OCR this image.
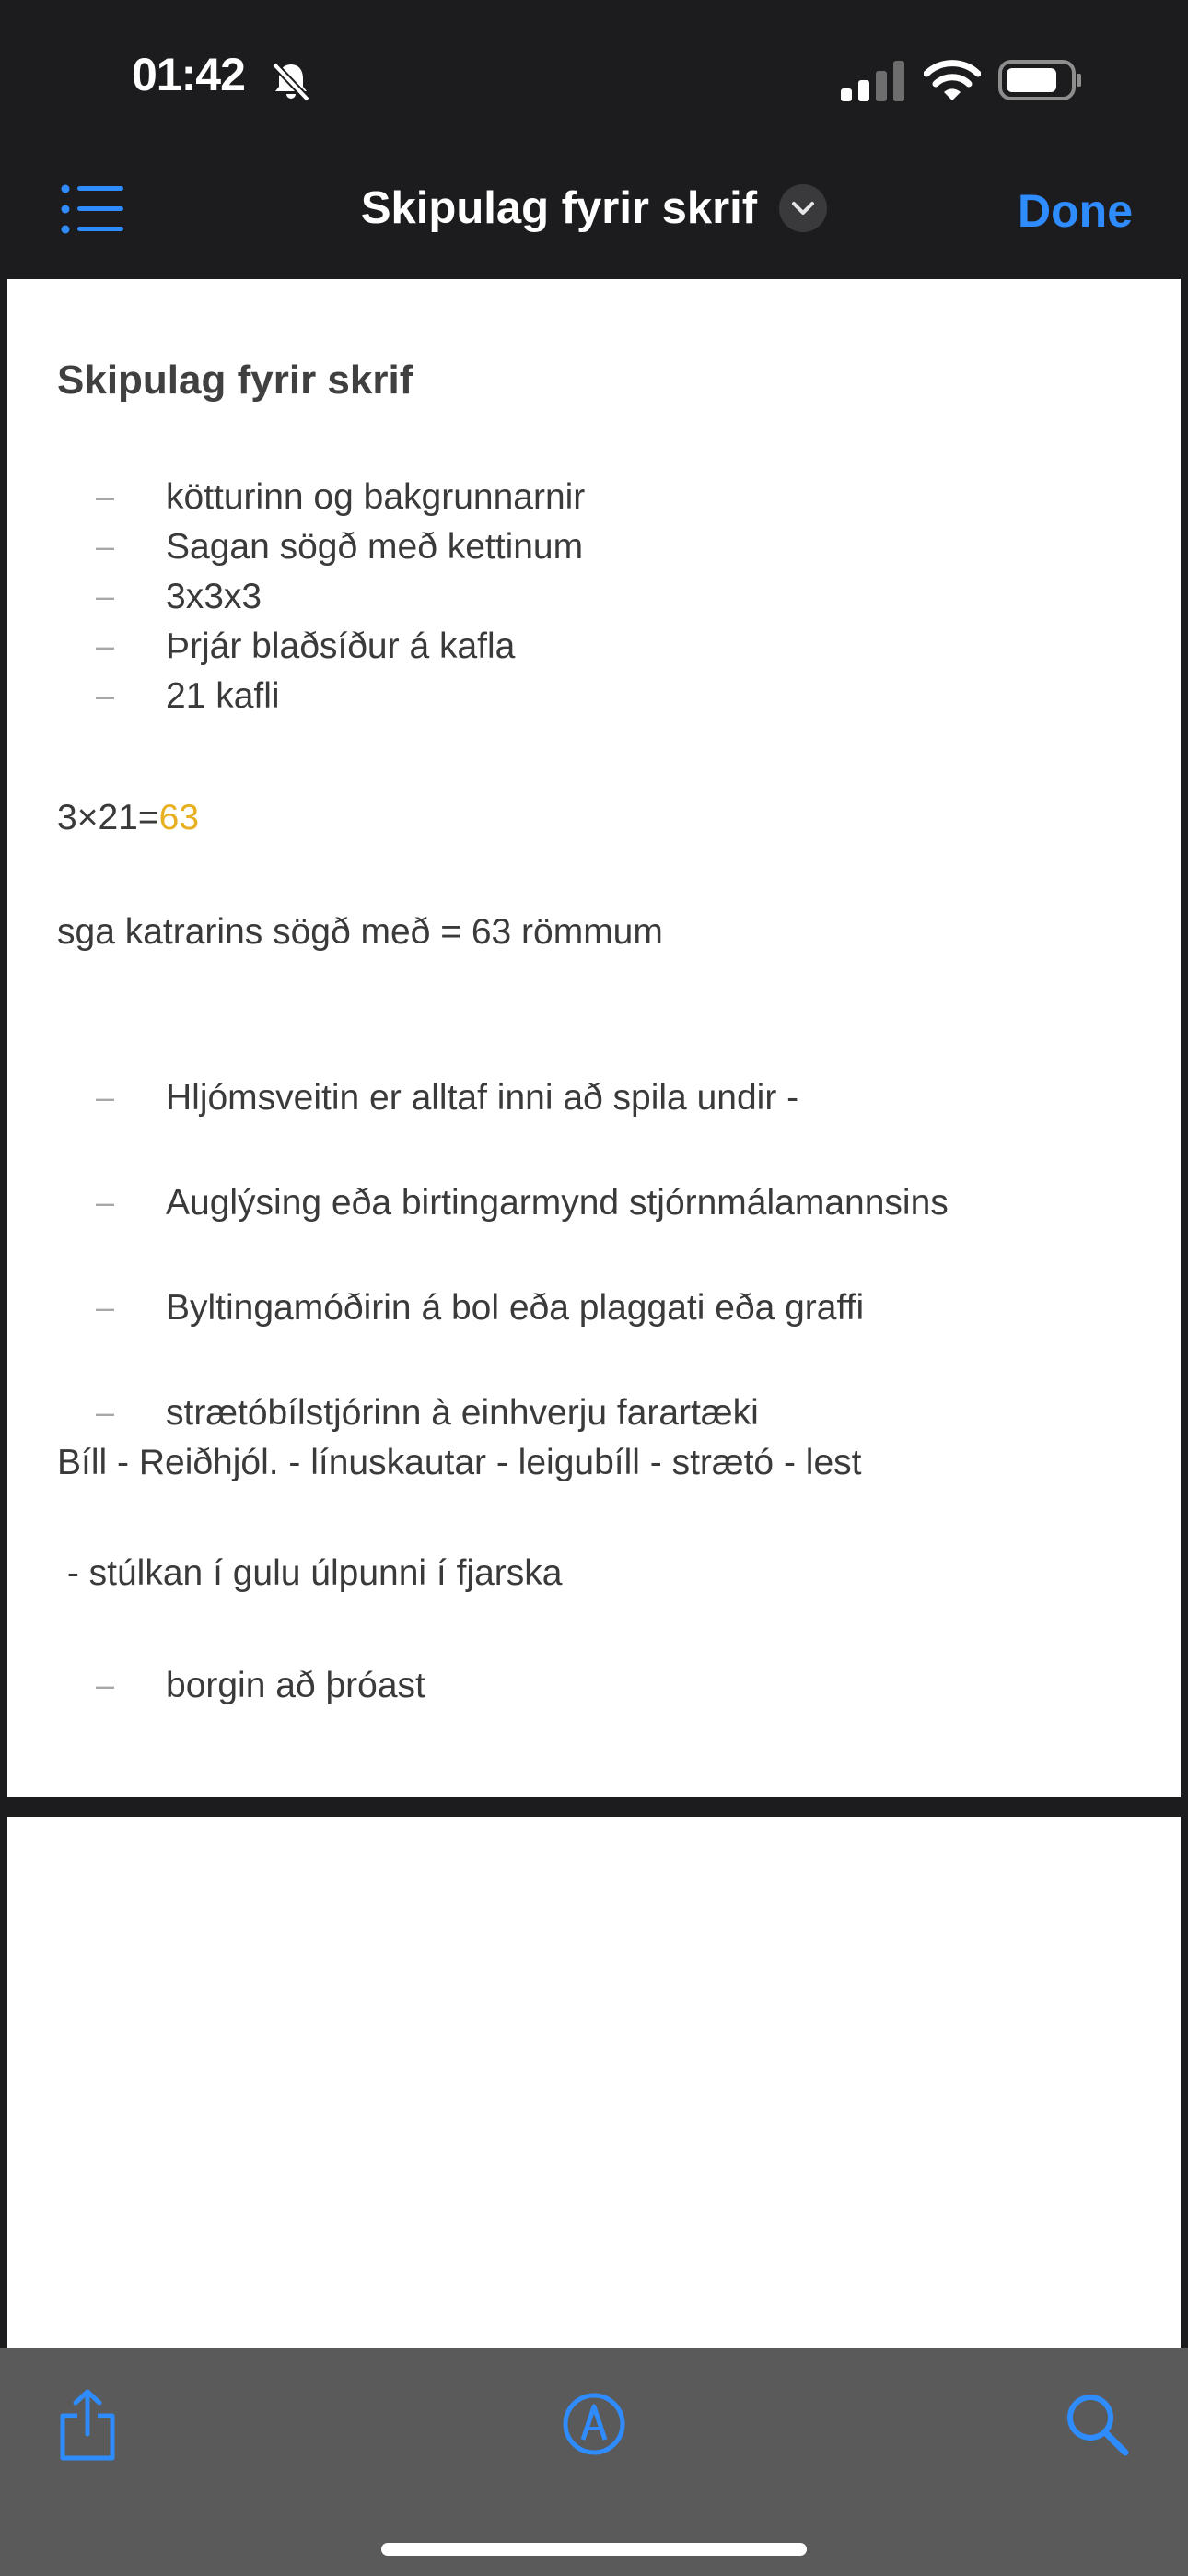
01:42
Skipulag fyrir skrif	Done
Skipulag fyrir skrif
– kötturinn og bakgrunnarnir
– Sagan sögð með kettinum
– 3x3x3
– Þrjár blaðsíður á kafla
– 21 kafli
3×21=63
sga katrarins sögð með = 63 römmum
– Hljómsveitin er alltaf inni að spila undir -
– Auglýsing eða birtingarmynd stjórnmálamannsins
– Byltingamóðirin á bol eða plaggati eða graffi
– strætóbílstjórinn à einhverju farartæki
Bíll - Reiðhjól. - línuskautar - leigubíll - strætó - lest
- stúlkan í gulu úlpunni í fjarska
– borgin að þróast
